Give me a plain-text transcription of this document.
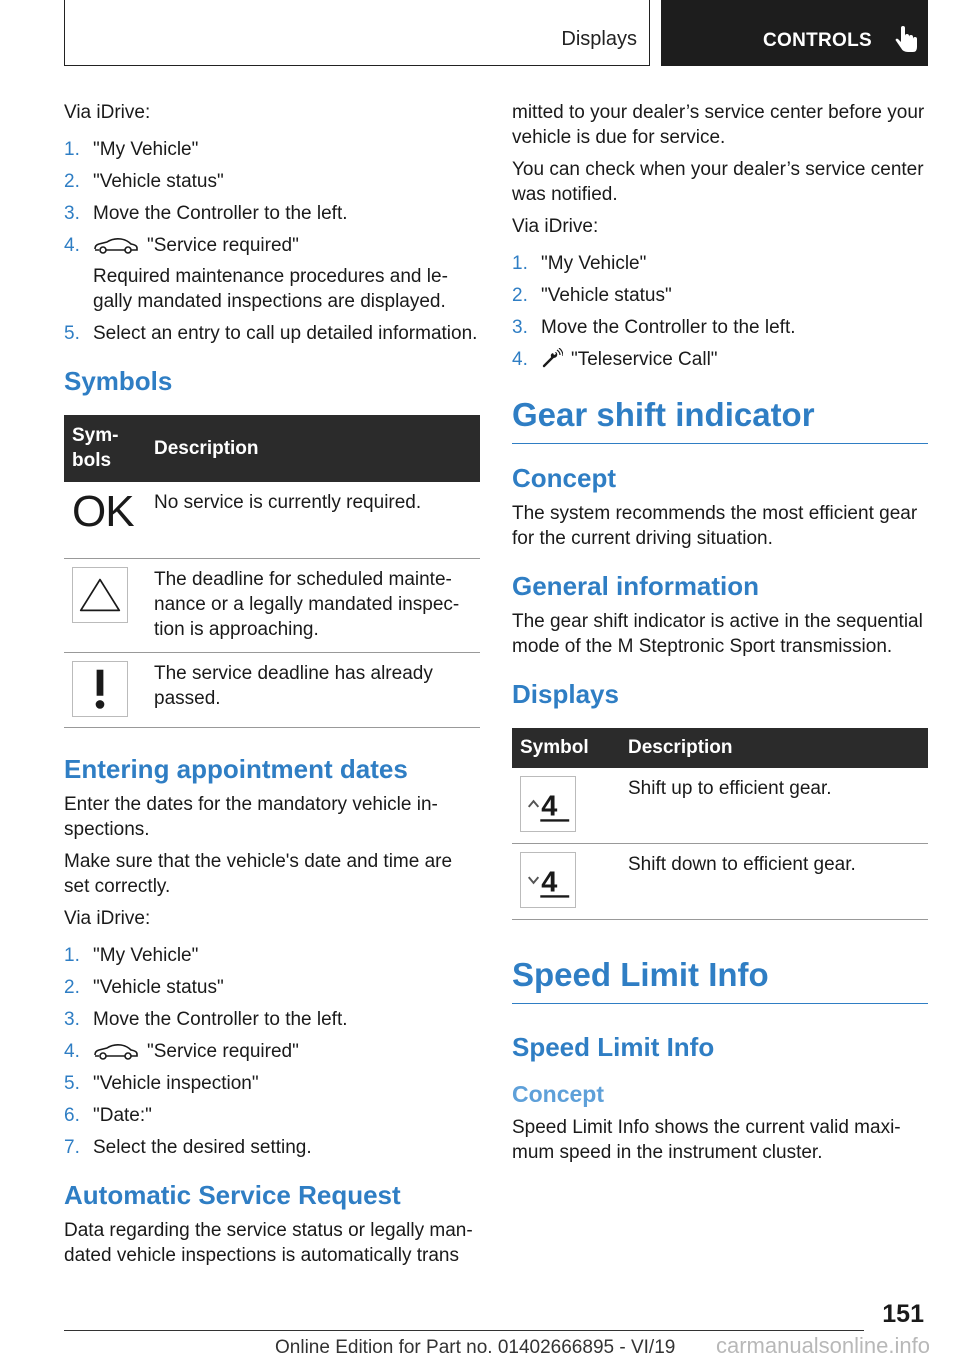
Displays	CONTROLS

Via iDrive:

1. "My Vehicle"
2. "Vehicle status"
3. Move the Controller to the left.
4.	"Service required"
Required maintenance procedures and legally mandated inspections are displayed.
5. Select an entry to call up detailed information.
Symbols
Symbols	Description

OK	No service is currently required.

	The deadline for scheduled maintenance or a legally mandated inspection is approaching.

	The service deadline has already passed.
Entering appointment dates

Enter the dates for the mandatory vehicle inspections.

Make sure that the vehicle's date and time are set correctly.

Via iDrive:

1. "My Vehicle"
2. "Vehicle status"
3. Move the Controller to the left.
4.	"Service required"
5. "Vehicle inspection"
6. "Date:"
7. Select the desired setting.
Automatic Service Request

Data regarding the service status or legally mandated vehicle inspections is automatically trans

mitted to your dealer’s service center before your vehicle is due for service.

You can check when your dealer’s service center was notified.

Via iDrive:

1. "My Vehicle"
2. "Vehicle status"
3. Move the Controller to the left.
4. "Teleservice Call"
Gear shift indicator
Concept

The system recommends the most efficient gear for the current driving situation.

General information

The gear shift indicator is active in the sequential mode of the M Steptronic Sport transmission.

Displays
Symbol	Description

4	Shift up to efficient gear.

4	Shift down to efficient gear.
Speed Limit Info
Speed Limit Info
Concept

Speed Limit Info shows the current valid maximum speed in the instrument cluster.

151
Online Edition for Part no. 01402666895 - VI/19 carmanualsonline.info
